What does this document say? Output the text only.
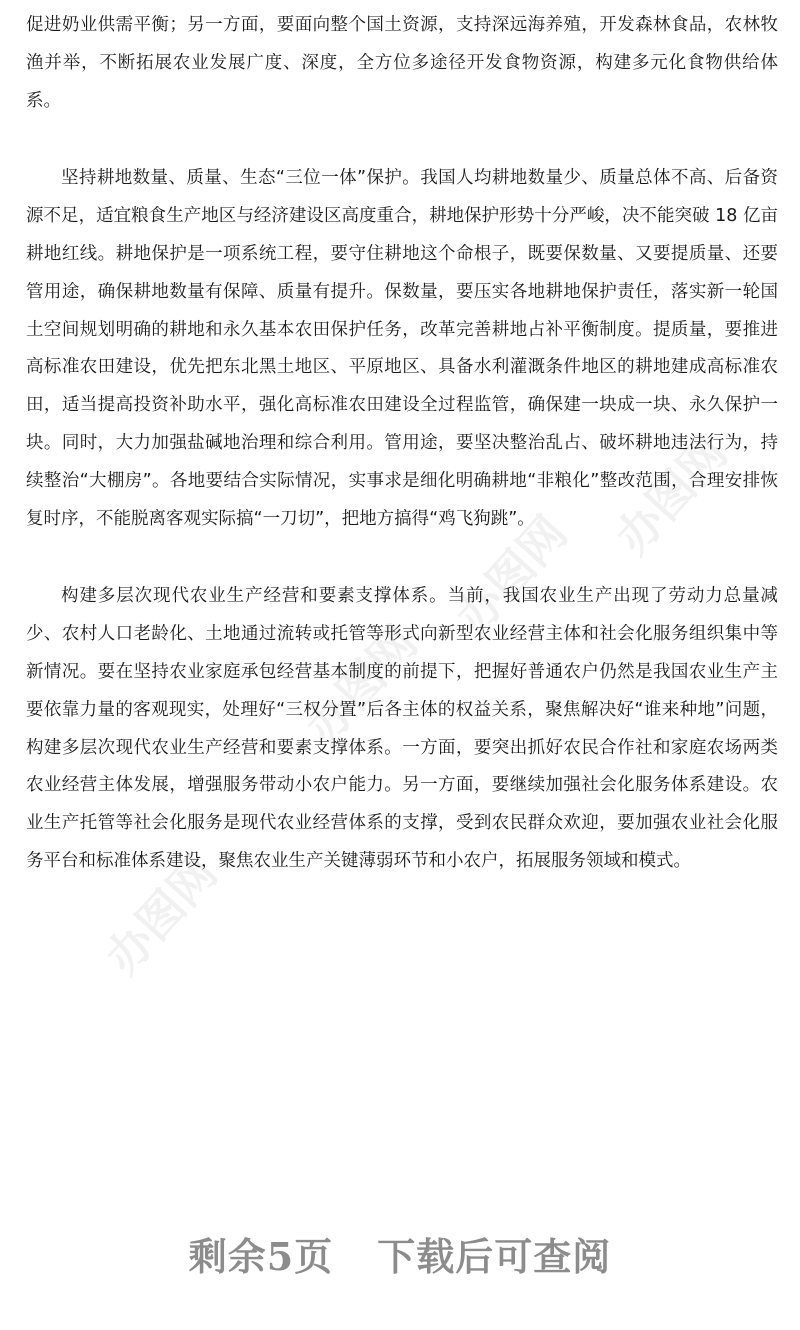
办图网
办图网
办图网
办图网

促进奶业供需平衡；另一方面，要面向整个国土资源，支持深远海养殖，开发森林食品，农林牧渔并举，不断拓展农业发展广度、深度，全方位多途径开发食物资源，构建多元化食物供给体系。

坚持耕地数量、质量、生态“三位一体”保护。我国人均耕地数量少、质量总体不高、后备资源不足，适宜粮食生产地区与经济建设区高度重合，耕地保护形势十分严峻，决不能突破 18 亿亩耕地红线。耕地保护是一项系统工程，要守住耕地这个命根子，既要保数量、又要提质量、还要管用途，确保耕地数量有保障、质量有提升。保数量，要压实各地耕地保护责任，落实新一轮国土空间规划明确的耕地和永久基本农田保护任务，改革完善耕地占补平衡制度。提质量，要推进高标准农田建设，优先把东北黑土地区、平原地区、具备水利灌溉条件地区的耕地建成高标准农田，适当提高投资补助水平，强化高标准农田建设全过程监管，确保建一块成一块、永久保护一块。同时，大力加强盐碱地治理和综合利用。管用途，要坚决整治乱占、破坏耕地违法行为，持续整治“大棚房”。各地要结合实际情况，实事求是细化明确耕地“非粮化”整改范围，合理安排恢复时序，不能脱离客观实际搞“一刀切”，把地方搞得“鸡飞狗跳”。

构建多层次现代农业生产经营和要素支撑体系。当前，我国农业生产出现了劳动力总量减少、农村人口老龄化、土地通过流转或托管等形式向新型农业经营主体和社会化服务组织集中等新情况。要在坚持农业家庭承包经营基本制度的前提下，把握好普通农户仍然是我国农业生产主要依靠力量的客观现实，处理好“三权分置”后各主体的权益关系，聚焦解决好“谁来种地”问题，构建多层次现代农业生产经营和要素支撑体系。一方面，要突出抓好农民合作社和家庭农场两类农业经营主体发展，增强服务带动小农户能力。另一方面，要继续加强社会化服务体系建设。农业生产托管等社会化服务是现代农业经营体系的支撑，受到农民群众欢迎，要加强农业社会化服务平台和标准体系建设，聚焦农业生产关键薄弱环节和小农户，拓展服务领域和模式。

剩余5页 下载后可查阅
